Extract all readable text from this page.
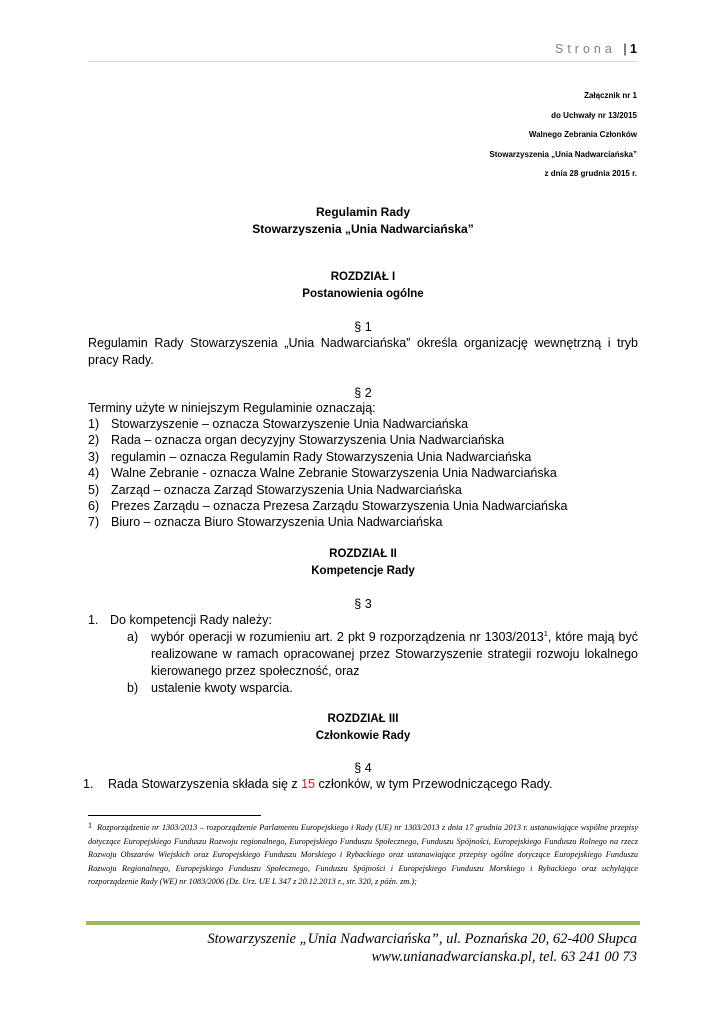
Strona | 1
Załącznik nr 1
do Uchwały nr 13/2015
Walnego Zebrania Członków
Stowarzyszenia „Unia Nadwarciańska”
z dnia 28 grudnia 2015 r.
Regulamin Rady
Stowarzyszenia „Unia Nadwarciańska”
ROZDZIAŁ I
Postanowienia ogólne
§ 1
Regulamin Rady Stowarzyszenia „Unia Nadwarciańska” określa organizację wewnętrzną i tryb pracy Rady.
§ 2
Terminy użyte w niniejszym Regulaminie oznaczają:
1) Stowarzyszenie – oznacza Stowarzyszenie Unia Nadwarciańska
2) Rada – oznacza organ decyzyjny Stowarzyszenia Unia Nadwarciańska
3) regulamin – oznacza Regulamin Rady Stowarzyszenia Unia Nadwarciańska
4) Walne Zebranie - oznacza Walne Zebranie Stowarzyszenia Unia Nadwarciańska
5) Zarząd – oznacza Zarząd Stowarzyszenia Unia Nadwarciańska
6) Prezes Zarządu – oznacza Prezesa Zarządu Stowarzyszenia Unia Nadwarciańska
7) Biuro – oznacza Biuro Stowarzyszenia Unia Nadwarciańska
ROZDZIAŁ II
Kompetencje Rady
§ 3
1. Do kompetencji Rady należy:
a)	wybór operacji w rozumieniu art. 2 pkt 9 rozporządzenia nr 1303/2013$^1$, które mają być realizowane w ramach opracowanej przez Stowarzyszenie strategii rozwoju lokalnego kierowanego przez społeczność, oraz
b)	ustalenie kwoty wsparcia.
ROZDZIAŁ III
Członkowie Rady
§ 4
1.	Rada Stowarzyszenia składa się z 15 członków, w tym Przewodniczącego Rady.
1 Rozporządzenie nr 1303/2013 – rozporządzenie Parlamentu Europejskiego i Rady (UE) nr 1303/2013 z dnia 17 grudnia 2013 r. ustanawiające wspólne przepisy dotyczące Europejskiego Funduszu Rozwoju regionalnego, Europejskiego Funduszu Społecznego, Funduszu Spójności, Europejskiego Funduszu Rolnego na rzecz Rozwoju Obszarów Wiejskich oraz Europejskiego Funduszu Morskiego i Rybackiego oraz ustanawiające przepisy ogólne dotyczące Europejskiego Funduszu Rozwoju Regionalnego, Europejskiego Funduszu Społecznego, Funduszu Spójności i Europejskiego Funduszu Morskiego i Rybackiego oraz uchylające rozporządzenie Rady (WE) nr 1083/2006 (Dz. Urz. UE L 347 z 20.12.2013 r., str. 320, z późn. zm.);
Stowarzyszenie „Unia Nadwarciańska”, ul. Poznańska 20, 62-400 Słupca
www.unianadwarcianska.pl, tel. 63 241 00 73
